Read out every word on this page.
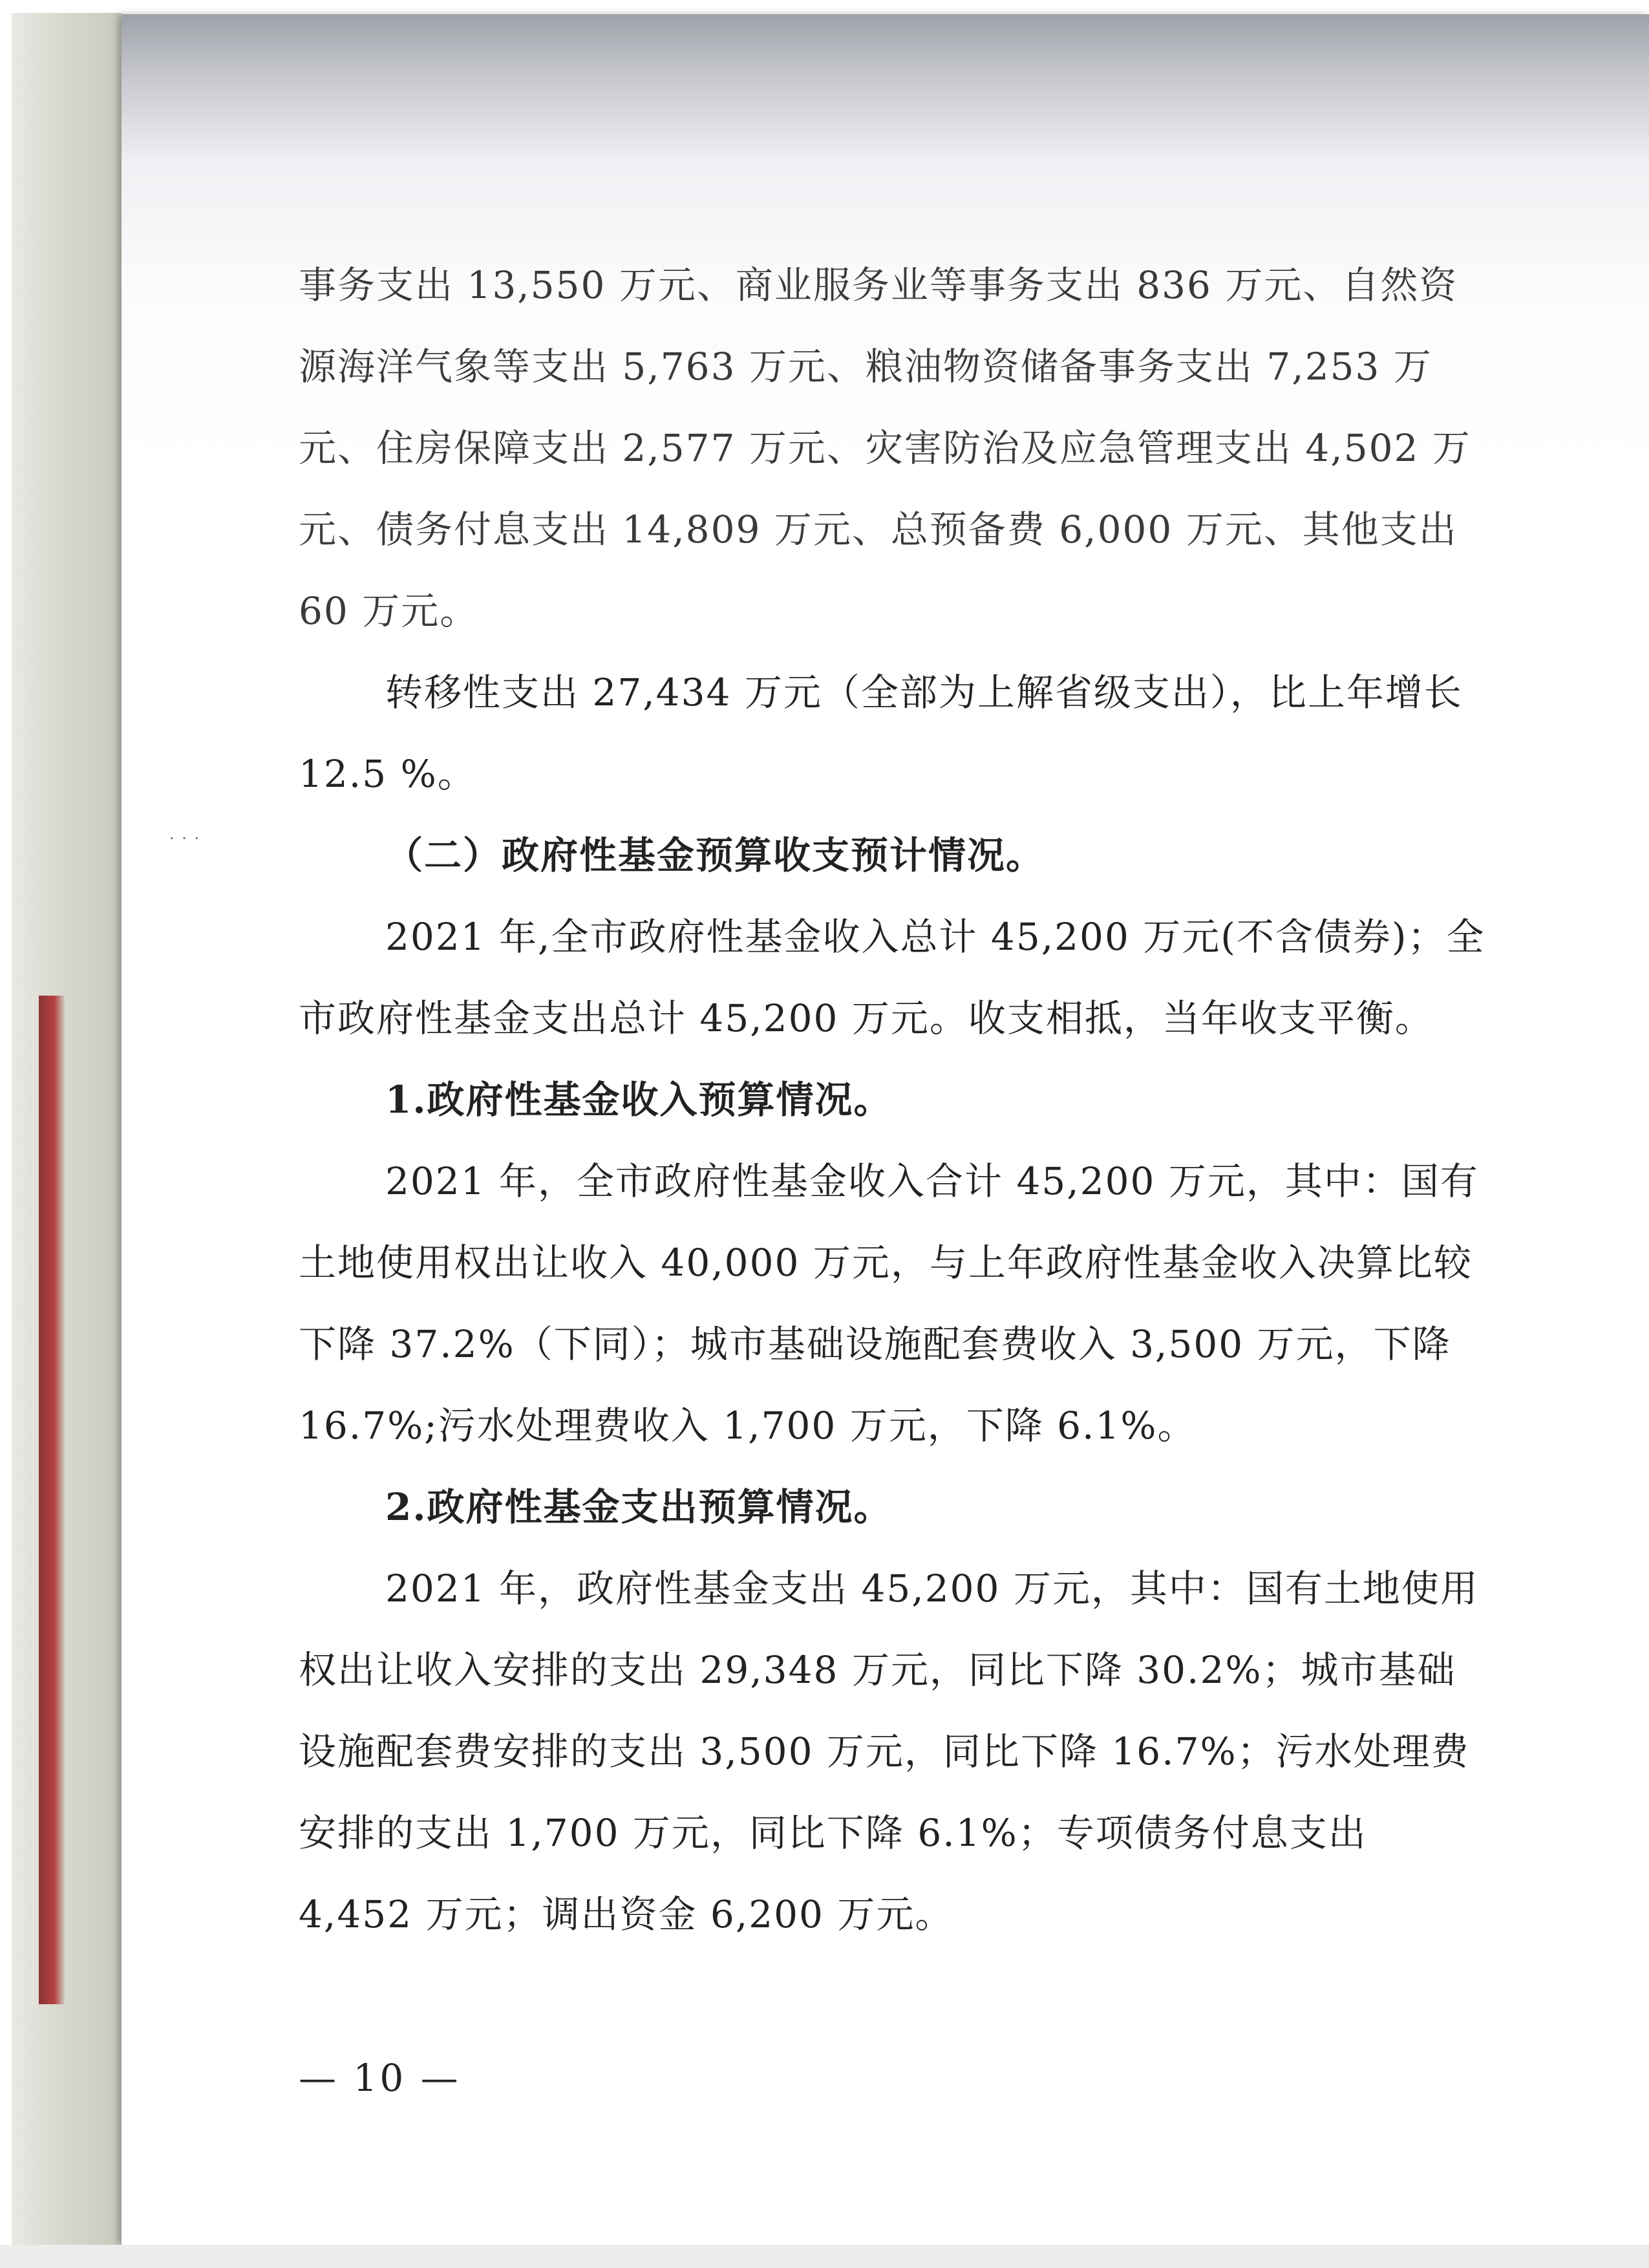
事务支出 13,550 万元、商业服务业等事务支出 836 万元、自然资源海洋气象等支出 5,763 万元、粮油物资储备事务支出 7,253 万元、住房保障支出 2,577 万元、灾害防治及应急管理支出 4,502 万元、债务付息支出 14,809 万元、总预备费 6,000 万元、其他支出 60 万元。

转移性支出 27,434 万元（全部为上解省级支出），比上年增长 12.5 %。

（二）政府性基金预算收支预计情况。

2021 年,全市政府性基金收入总计 45,200 万元(不含债券)；全市政府性基金支出总计 45,200 万元。收支相抵，当年收支平衡。

1.政府性基金收入预算情况。

2021 年，全市政府性基金收入合计 45,200 万元，其中：国有土地使用权出让收入 40,000 万元，与上年政府性基金收入决算比较下降 37.2%（下同）；城市基础设施配套费收入 3,500 万元，下降 16.7%;污水处理费收入 1,700 万元，下降 6.1%。

2.政府性基金支出预算情况。

2021 年，政府性基金支出 45,200 万元，其中：国有土地使用权出让收入安排的支出 29,348 万元，同比下降 30.2%；城市基础设施配套费安排的支出 3,500 万元，同比下降 16.7%；污水处理费安排的支出 1,700 万元，同比下降 6.1%；专项债务付息支出 4,452 万元；调出资金 6,200 万元。

· · ·
— 10 —
